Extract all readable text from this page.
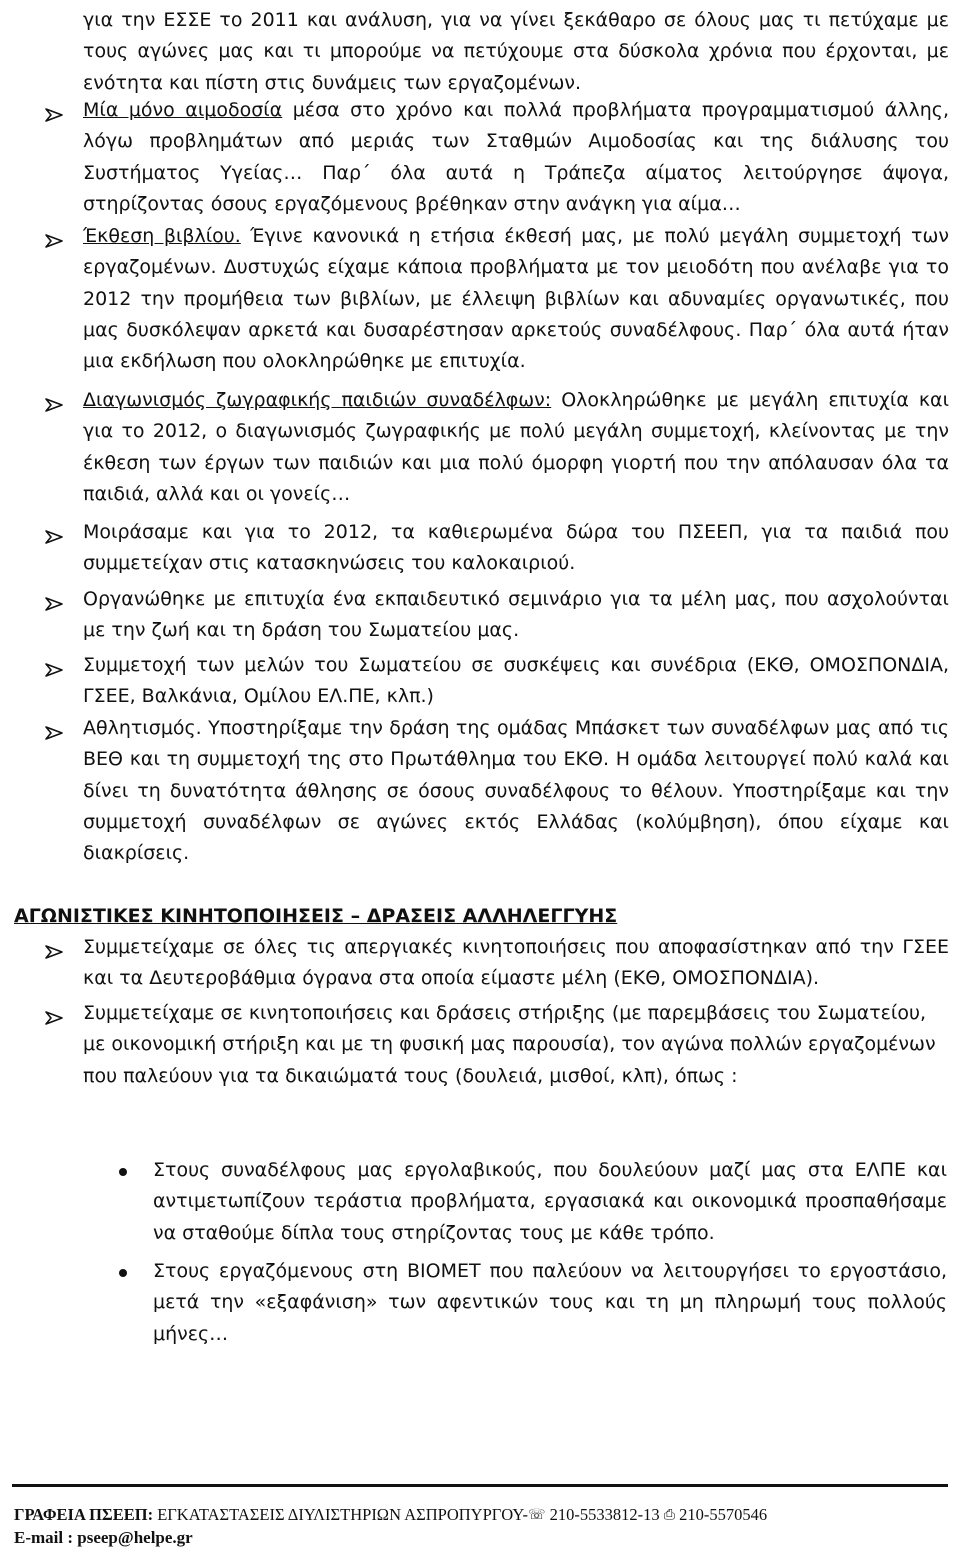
για την ΕΣΣΕ το 2011 και ανάλυση, για να γίνει ξεκάθαρο σε όλους μας τι πετύχαμε με τους αγώνες μας και τι μπορούμε να πετύχουμε στα δύσκολα χρόνια που έρχονται, με ενότητα και πίστη στις δυνάμεις των εργαζομένων.
Μία μόνο αιμοδοσία μέσα στο χρόνο και πολλά προβλήματα προγραμματισμού άλλης, λόγω προβλημάτων από μεριάς των Σταθμών Αιμοδοσίας και της διάλυσης του Συστήματος Υγείας… Παρ΄ όλα αυτά η Τράπεζα αίματος λειτούργησε άψογα, στηρίζοντας όσους εργαζόμενους βρέθηκαν στην ανάγκη για αίμα…
Έκθεση βιβλίου. Έγινε κανονικά η ετήσια έκθεσή μας, με πολύ μεγάλη συμμετοχή των εργαζομένων. Δυστυχώς είχαμε κάποια προβλήματα με τον μειοδότη που ανέλαβε για το 2012 την προμήθεια των βιβλίων, με έλλειψη βιβλίων και αδυναμίες οργανωτικές, που μας δυσκόλεψαν αρκετά και δυσαρέστησαν αρκετούς συναδέλφους. Παρ΄ όλα αυτά ήταν μια εκδήλωση που ολοκληρώθηκε με επιτυχία.
Διαγωνισμός ζωγραφικής παιδιών συναδέλφων: Ολοκληρώθηκε με μεγάλη επιτυχία και για το 2012, ο διαγωνισμός ζωγραφικής με πολύ μεγάλη συμμετοχή, κλείνοντας με την έκθεση των έργων των παιδιών και μια πολύ όμορφη γιορτή που την απόλαυσαν όλα τα παιδιά, αλλά και οι γονείς…
Μοιράσαμε και για το 2012, τα καθιερωμένα δώρα του ΠΣΕΕΠ, για τα παιδιά που συμμετείχαν στις κατασκηνώσεις του καλοκαιριού.
Οργανώθηκε με επιτυχία ένα εκπαιδευτικό σεμινάριο για τα μέλη μας, που ασχολούνται με την ζωή και τη δράση του Σωματείου μας.
Συμμετοχή των μελών του Σωματείου σε συσκέψεις και συνέδρια (ΕΚΘ, ΟΜΟΣΠΟΝΔΙΑ, ΓΣΕΕ, Βαλκάνια, Ομίλου ΕΛ.ΠΕ, κλπ.)
Αθλητισμός. Υποστηρίξαμε την δράση της ομάδας Μπάσκετ των συναδέλφων μας από τις ΒΕΘ και τη συμμετοχή της στο Πρωτάθλημα του ΕΚΘ. Η ομάδα λειτουργεί πολύ καλά και δίνει τη δυνατότητα άθλησης σε όσους συναδέλφους το θέλουν. Υποστηρίξαμε και την συμμετοχή συναδέλφων σε αγώνες εκτός Ελλάδας (κολύμβηση), όπου είχαμε και διακρίσεις.
ΑΓΩΝΙΣΤΙΚΕΣ ΚΙΝΗΤΟΠΟΙΗΣΕΙΣ – ΔΡΑΣΕΙΣ ΑΛΛΗΛΕΓΓΥΗΣ
Συμμετείχαμε σε όλες τις απεργιακές κινητοποιήσεις που αποφασίστηκαν από την ΓΣΕΕ και τα Δευτεροβάθμια όγρανα στα οποία είμαστε μέλη (ΕΚΘ, ΟΜΟΣΠΟΝΔΙΑ).
Συμμετείχαμε σε κινητοποιήσεις και δράσεις στήριξης (με παρεμβάσεις του Σωματείου, με οικονομική στήριξη και με τη φυσική μας παρουσία), τον αγώνα πολλών εργαζομένων που παλεύουν για τα δικαιώματά τους (δουλειά, μισθοί, κλπ), όπως :
Στους συναδέλφους μας εργολαβικούς, που δουλεύουν μαζί μας στα ΕΛΠΕ και αντιμετωπίζουν τεράστια προβλήματα, εργασιακά και οικονομικά προσπαθήσαμε να σταθούμε δίπλα τους στηρίζοντας τους με κάθε τρόπο.
Στους εργαζόμενους στη ΒΙΟΜΕΤ που παλεύουν να λειτουργήσει το εργοστάσιο, μετά την «εξαφάνιση» των αφεντικών τους και τη μη πληρωμή τους πολλούς μήνες…
ΓΡΑΦΕΙΑ ΠΣΕΕΠ: ΕΓΚΑΤΑΣΤΑΣΕΙΣ ΔΙΥΛΙΣΤΗΡΙΩΝ ΑΣΠΡΟΠΥΡΓΟΥ-☏ 210-5533812-13 ⎙ 210-5570546
E-mail : pseep@helpe.gr
